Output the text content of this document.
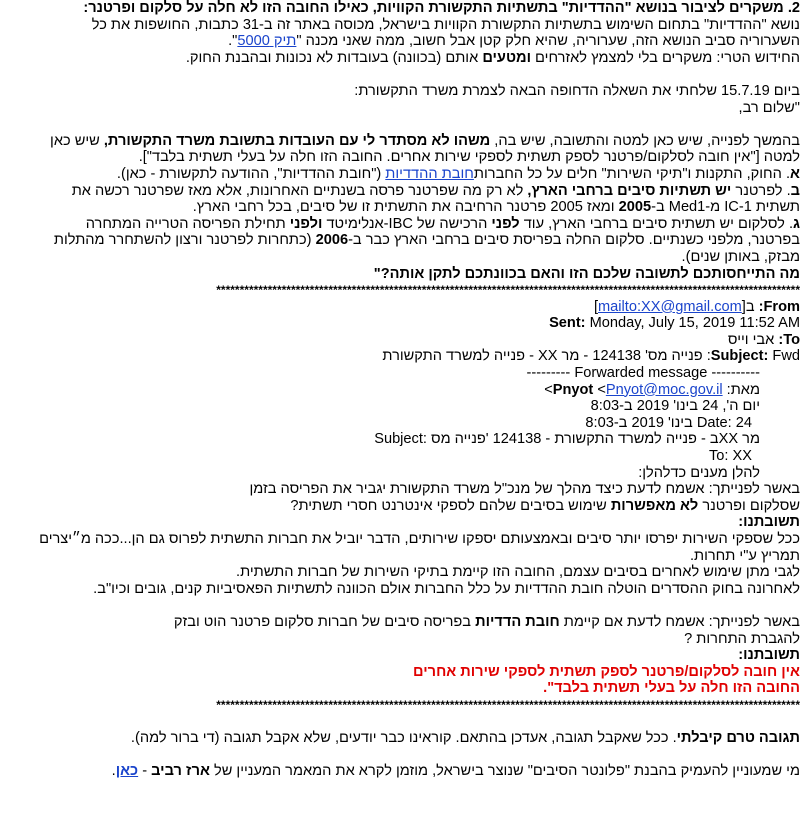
2. משקרים לציבור בנושא "ההדדיות" בתשתיות התקשורת הקוויות, כאילו החובה הזו לא חלה על סלקום ופרטנר:
נושא "ההדדיות" בתחום השימוש בתשתיות התקשורת הקוויות בישראל, מכוסה באתר זה ב-31 כתבות, החושפות את כל
השערוריה סביב הנושא הזה, שערוריה, שהיא חלק קטן אבל חשוב, ממה שאני מכנה "תיק 5000".
החידוש הטרי: משקרים בלי למצמץ לאזרחים ומטעים אותם (בכוונה) בעובדות לא נכונות ובהבנת החוק.
ביום 15.7.19 שלחתי את השאלה הדחופה הבאה לצמרת משרד התקשורת:
"שלום רב,
בהמשך לפנייה, שיש כאן למטה והתשובה, שיש בה, משהו לא מסתדר לי עם העובדות בתשובת משרד התקשורת, שיש כאן
למטה ["אין חובה לסלקום/פרטנר לספק תשתית לספקי שירות אחרים. החובה הזו חלה על בעלי תשתית בלבד"].
א. החוק, התקנות ו"תיקי השירות" חלים על כל החברותחובת ההדדיות ("חובת ההדדיות", ההודעה לתקשורת - כאן).
ב. לפרטנר יש תשתיות סיבים ברחבי הארץ, לא רק מה שפרטנר פרסה בשנתיים האחרונות, אלא מאז שפרטנר רכשה את
תשתית IC-1 מ-Med1 ב-2005 ומאז 2005 פרטנר הרחיבה את התשתית זו של סיבים, בכל רחבי הארץ.
ג. לסלקום יש תשתית סיבים ברחבי הארץ, עוד לפני הרכישה של IBC-אנלימיטד ולפני תחילת הפריסה הטרייה המתחרה
בפרטנר, מלפני כשנתיים. סלקום החלה בפריסת סיבים ברחבי הארץ כבר ב-2006 (כתחרות לפרטנר ורצון להשתחרר מהתלות
מבזק, באותן שנים).
מה התייחסותכם לתשובה שלכם הזו והאם בכוונתכם לתקן אותה?"
*****************************************************************************************************************************
From: ב[mailto:XX@gmail.com]
Sent: Monday, July 15, 2019 11:52 AM
To: אבי וייס
Subject: Fwd: פנייה מס' 124138 - מר XX - פנייה למשרד התקשורת
---------- Forwarded message ---------
מאת: Pnyot <Pnyot@moc.gov.il>
יום ה', 24 בינו' 2019 ב-8:03
Date: 24 בינו' 2019 ב-8:03
מר XXב - פנייה למשרד התקשורת - 124138 'פנייה מס :Subject
To: XX
להלן מענים כדלהלן:
באשר לפנייתך: אשמח לדעת כיצד מהלך של מנכ"ל משרד התקשורת יגביר את הפריסה בזמן
שסלקום ופרטנר לא מאפשרות שימוש בסיבים שלהם לספקי אינטרנט חסרי תשתית?
תשובתנו:
ככל שספקי השירות יפרסו יותר סיבים ובאמצעותם יספקו שירותים, הדבר יוביל את חברות התשתית לפרוס גם הן...ככה מ״יצרים
תמריץ ע"י תחרות.
לגבי מתן שימוש לאחרים בסיבים עצמם, החובה הזו קיימת בתיקי השירות של חברות התשתית.
לאחרונה בחוק ההסדרים הוטלה חובת ההדדיות על כלל החברות אולם הכוונה לתשתיות הפאסיביות קנים, גובים וכיו"ב.
באשר לפנייתך: אשמח לדעת אם קיימת חובת הדדיות בפריסה סיבים של חברות סלקום פרטנר הוט ובזק
להגברת התחרות ?
תשובתנו:
אין חובה לסלקום/פרטנר לספק תשתית לספקי שירות אחרים
החובה הזו חלה על בעלי תשתית בלבד".
*****************************************************************************************************************************
תגובה טרם קיבלתי. ככל שאקבל תגובה, אעדכן בהתאם. קוראינו כבר יודעים, שלא אקבל תגובה (די ברור למה).
מי שמעוניין להעמיק בהבנת "פלונטר הסיבים" שנוצר בישראל, מוזמן לקרא את המאמר המעניין של ארז רביב - כאן.
